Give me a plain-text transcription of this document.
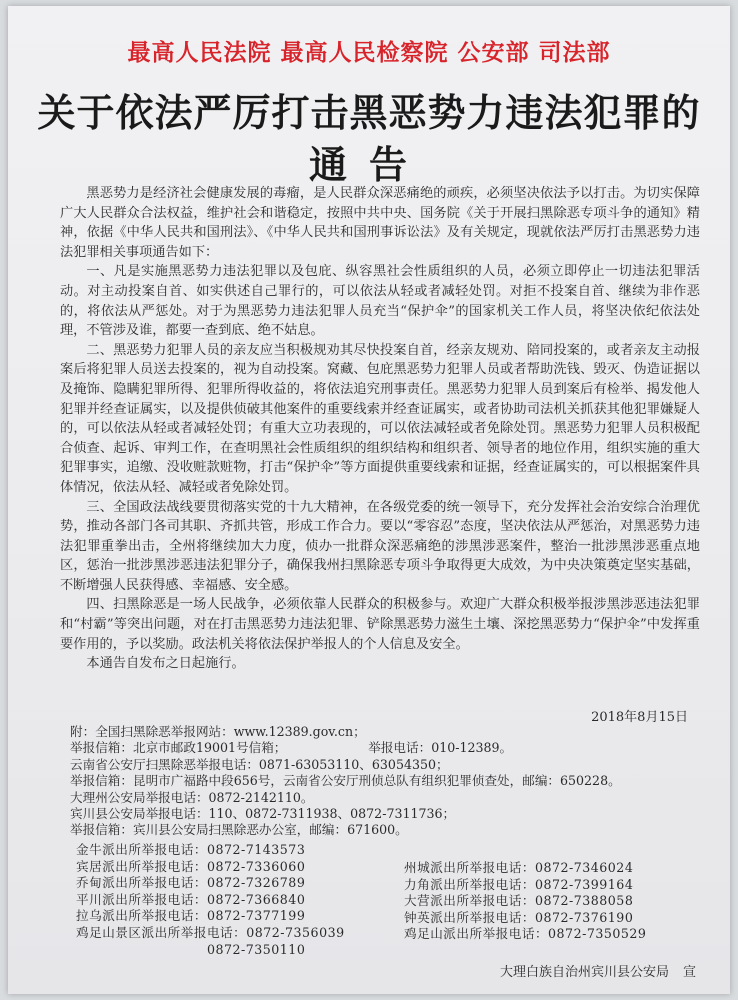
最高人民法院 最高人民检察院 公安部 司法部
关于依法严厉打击黑恶势力违法犯罪的
通告

黑恶势力是经济社会健康发展的毒瘤，是人民群众深恶痛绝的顽疾，必须坚决依法予以打击。为切实保障广大人民群众合法权益，维护社会和谐稳定，按照中共中央、国务院《关于开展扫黑除恶专项斗争的通知》精神，依据《中华人民共和国刑法》、《中华人民共和国刑事诉讼法》及有关规定，现就依法严厉打击黑恶势力违法犯罪相关事项通告如下：

一、凡是实施黑恶势力违法犯罪以及包庇、纵容黑社会性质组织的人员，必须立即停止一切违法犯罪活动。对主动投案自首、如实供述自己罪行的，可以依法从轻或者减轻处罚。对拒不投案自首、继续为非作恶的，将依法从严惩处。对于为黑恶势力违法犯罪人员充当“保护伞”的国家机关工作人员，将坚决依纪依法处理，不管涉及谁，都要一查到底、绝不姑息。

二、黑恶势力犯罪人员的亲友应当积极规劝其尽快投案自首，经亲友规劝、陪同投案的，或者亲友主动报案后将犯罪人员送去投案的，视为自动投案。窝藏、包庇黑恶势力犯罪人员或者帮助洗钱、毁灭、伪造证据以及掩饰、隐瞒犯罪所得、犯罪所得收益的，将依法追究刑事责任。黑恶势力犯罪人员到案后有检举、揭发他人犯罪并经查证属实，以及提供侦破其他案件的重要线索并经查证属实，或者协助司法机关抓获其他犯罪嫌疑人的，可以依法从轻或者减轻处罚；有重大立功表现的，可以依法减轻或者免除处罚。黑恶势力犯罪人员积极配合侦查、起诉、审判工作，在查明黑社会性质组织的组织结构和组织者、领导者的地位作用，组织实施的重大犯罪事实，追缴、没收赃款赃物，打击“保护伞”等方面提供重要线索和证据，经查证属实的，可以根据案件具体情况，依法从轻、减轻或者免除处罚。

三、全国政法战线要贯彻落实党的十九大精神，在各级党委的统一领导下，充分发挥社会治安综合治理优势，推动各部门各司其职、齐抓共管，形成工作合力。要以“零容忍”态度，坚决依法从严惩治，对黑恶势力违法犯罪重拳出击，全州将继续加大力度，侦办一批群众深恶痛绝的涉黑涉恶案件，整治一批涉黑涉恶重点地区，惩治一批涉黑涉恶违法犯罪分子，确保我州扫黑除恶专项斗争取得更大成效，为中央决策奠定坚实基础，不断增强人民获得感、幸福感、安全感。

四、扫黑除恶是一场人民战争，必须依靠人民群众的积极参与。欢迎广大群众积极举报涉黑涉恶违法犯罪和“村霸”等突出问题，对在打击黑恶势力违法犯罪、铲除黑恶势力滋生土壤、深挖黑恶势力“保护伞”中发挥重要作用的，予以奖励。政法机关将依法保护举报人的个人信息及安全。

本通告自发布之日起施行。

2018年8月15日
附：全国扫黑除恶举报网站：www.12389.gov.cn；
举报信箱：北京市邮政19001号信箱；　　　　　　　举报电话：010-12389。
云南省公安厅扫黑除恶举报电话：0871-63053110、63054350；
举报信箱：昆明市广福路中段656号，云南省公安厅刑侦总队有组织犯罪侦查处，邮编：650228。
大理州公安局举报电话：0872-2142110。
宾川县公安局举报电话：110、0872-7311938、0872-7311736；
举报信箱：宾川县公安局扫黑除恶办公室，邮编：671600。
金牛派出所举报电话：0872-7143573
宾居派出所举报电话：0872-7336060
乔甸派出所举报电话：0872-7326789
平川派出所举报电话：0872-7366840
拉乌派出所举报电话：0872-7377199
鸡足山景区派出所举报电话：0872-7356039
　　　　　　　　　　0872-7350110
州城派出所举报电话：0872-7346024
力角派出所举报电话：0872-7399164
大营派出所举报电话：0872-7388058
钟英派出所举报电话：0872-7376190
鸡足山派出所举报电话：0872-7350529
大理白族自治州宾川县公安局 宣
